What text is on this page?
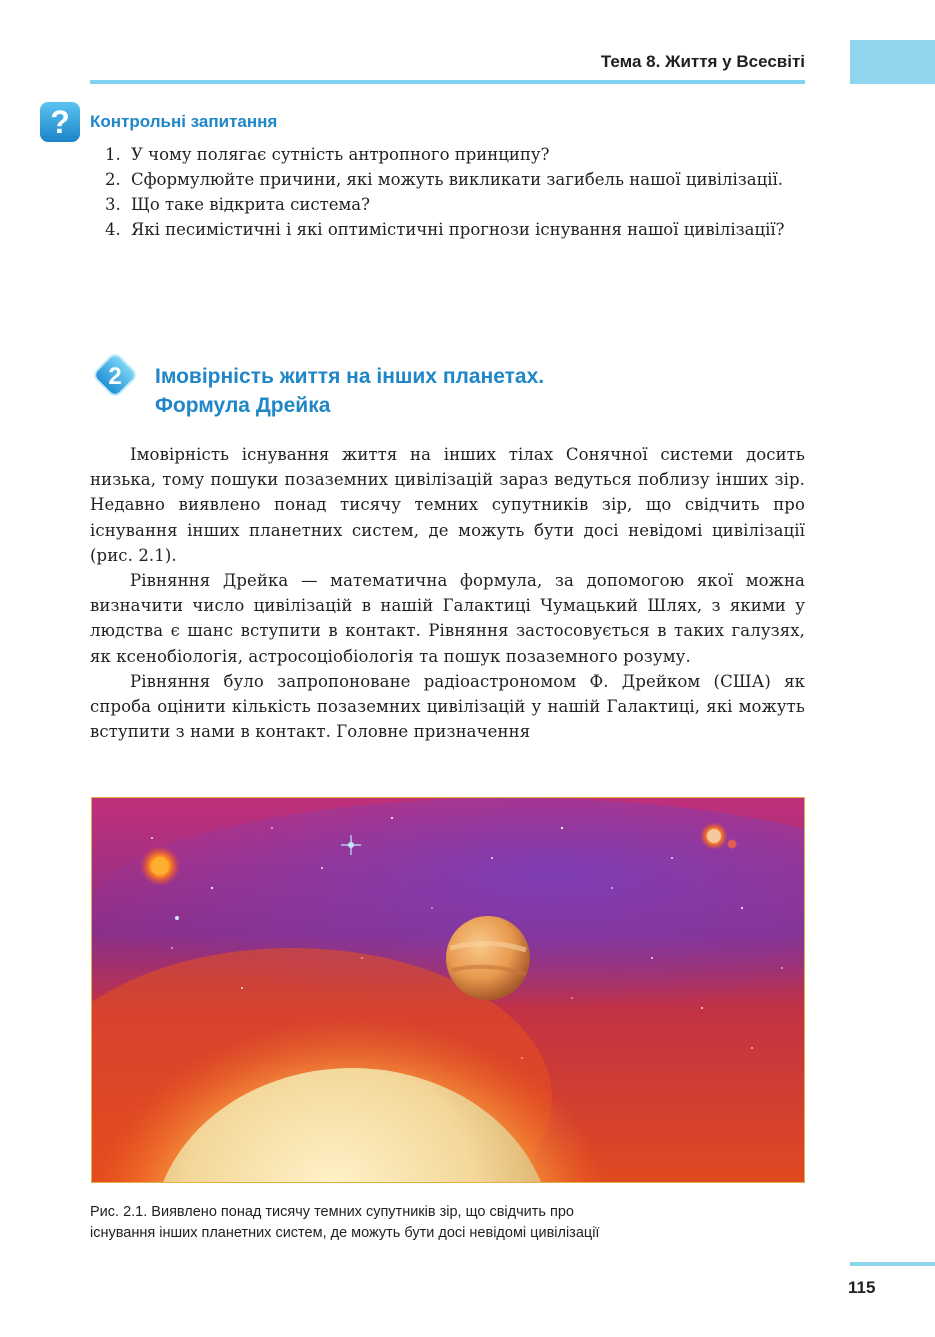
Тема 8. Життя у Всесвіті
? Контрольні запитання
1. У чому полягає сутність антропного принципу?
2. Сформулюйте причини, які можуть викликати загибель нашої цивілізації.
3. Що таке відкрита система?
4. Які песимістичні і які оптимістичні прогнози існування нашої цивілізації?
2 Імовірність життя на інших планетах.
Формула Дрейка

Імовірність існування життя на інших тілах Сонячної системи досить низька, тому пошуки позаземних цивілізацій зараз ведуться поблизу інших зір. Недавно виявлено понад тисячу темних супутників зір, що свідчить про існування інших планетних систем, де можуть бути досі невідомі цивілізації (рис. 2.1).

Рівняння Дрейка — математична формула, за допомогою якої можна визначити число цивілізацій в нашій Галактиці Чумацький Шлях, з якими у людства є шанс вступити в контакт. Рівняння застосовується в таких галузях, як ксенобіологія, астросоціобіологія та пошук позаземного розуму.

Рівняння було запропоноване радіоастрономом Ф. Дрейком (США) як спроба оцінити кількість позаземних цивілізацій у нашій Галактиці, які можуть вступити з нами в контакт. Головне призначення

Рис. 2.1. Виявлено понад тисячу темних супутників зір, що свідчить про
існування інших планетних систем, де можуть бути досі невідомі цивілізації
115
